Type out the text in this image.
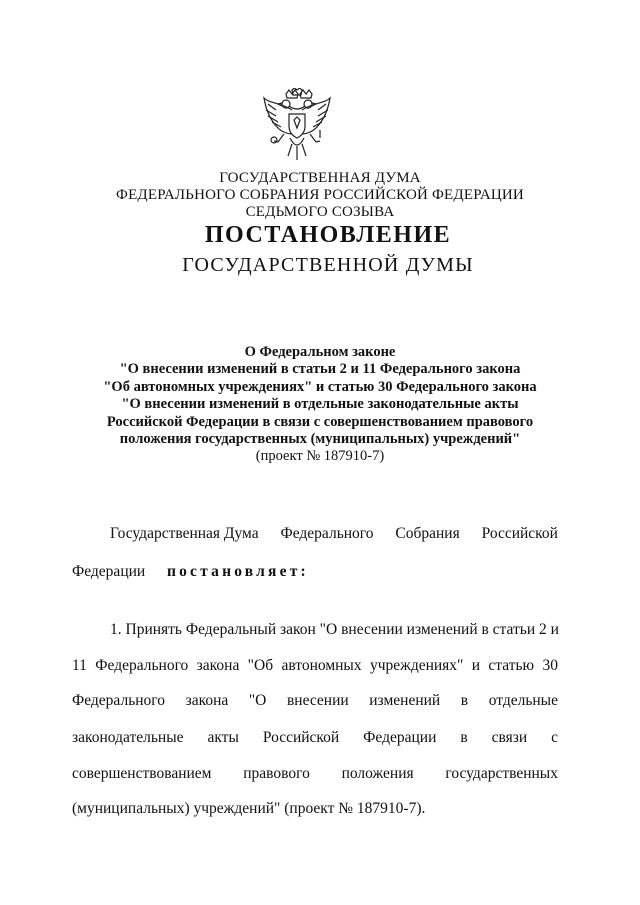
ГОСУДАРСТВЕННАЯ ДУМА
ФЕДЕРАЛЬНОГО СОБРАНИЯ РОССИЙСКОЙ ФЕДЕРАЦИИ
СЕДЬМОГО СОЗЫВА
ПОСТАНОВЛЕНИЕ
ГОСУДАРСТВЕННОЙ ДУМЫ
О Федеральном законе
"О внесении изменений в статьи 2 и 11 Федерального закона
"Об автономных учреждениях" и статью 30 Федерального закона
"О внесении изменений в отдельные законодательные акты
Российской Федерации в связи с совершенствованием правового
положения государственных (муниципальных) учреждений"
(проект № 187910-7)
Государственная Дума Федерального Собрания Российской
Федерации постановляет:
1. Принять Федеральный закон "О внесении изменений в статьи 2 и
11 Федерального закона "Об автономных учреждениях" и статью 30
Федерального закона "О внесении изменений в отдельные
законодательные акты Российской Федерации в связи с
совершенствованием правового положения государственных
(муниципальных) учреждений" (проект № 187910-7).
